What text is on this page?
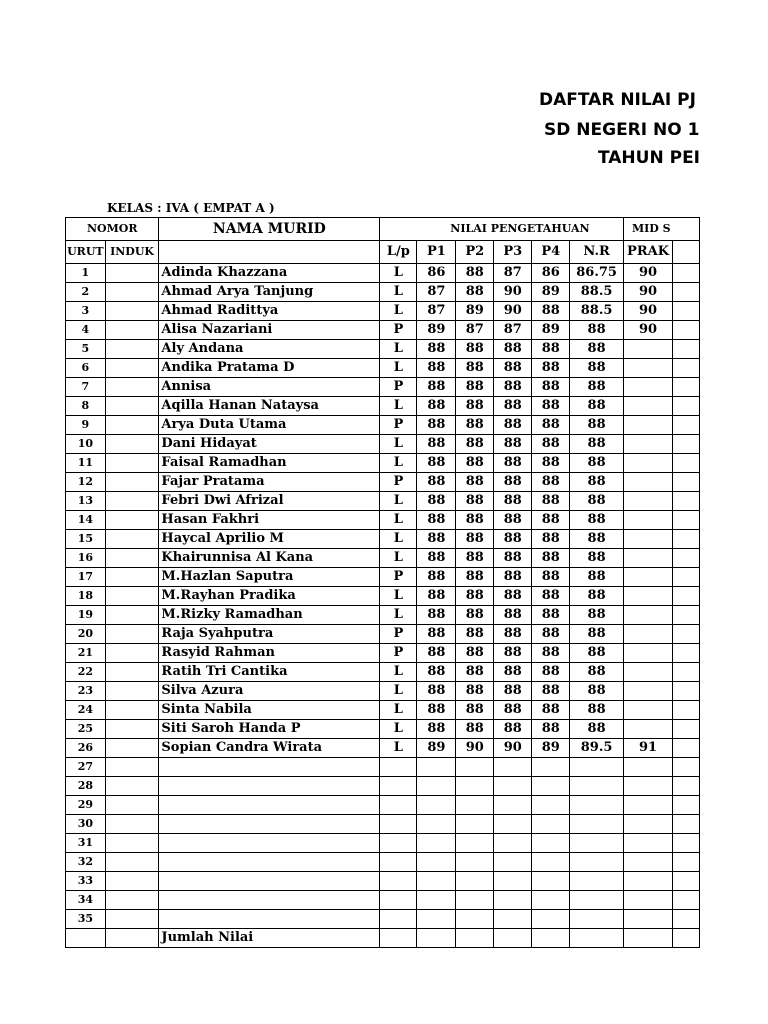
DAFTAR NILAI PJ
SD NEGERI NO 1
TAHUN PEI
KELAS : IVA ( EMPAT A )
NOMOR		NAMA MURID		NILAI PENGETAHUAN					MID S	
URUT	INDUK		L/p	P1	P2	P3	P4	N.R	PRAK	
1		Adinda Khazzana	L	86	88	87	86	86.75	90	
2		Ahmad Arya Tanjung	L	87	88	90	89	88.5	90	
3		Ahmad Radittya	L	87	89	90	88	88.5	90	
4		Alisa Nazariani	P	89	87	87	89	88	90	
5		Aly Andana	L	88	88	88	88	88		
6		Andika Pratama D	L	88	88	88	88	88		
7		Annisa	P	88	88	88	88	88		
8		Aqilla Hanan Nataysa	L	88	88	88	88	88		
9		Arya Duta Utama	P	88	88	88	88	88		
10		Dani Hidayat	L	88	88	88	88	88		
11		Faisal Ramadhan	L	88	88	88	88	88		
12		Fajar Pratama	P	88	88	88	88	88		
13		Febri Dwi Afrizal	L	88	88	88	88	88		
14		Hasan Fakhri	L	88	88	88	88	88		
15		Haycal Aprilio M	L	88	88	88	88	88		
16		Khairunnisa Al Kana	L	88	88	88	88	88		
17		M.Hazlan Saputra	P	88	88	88	88	88		
18		M.Rayhan Pradika	L	88	88	88	88	88		
19		M.Rizky Ramadhan	L	88	88	88	88	88		
20		Raja Syahputra	P	88	88	88	88	88		
21		Rasyid Rahman	P	88	88	88	88	88		
22		Ratih Tri Cantika	L	88	88	88	88	88		
23		Silva Azura	L	88	88	88	88	88		
24		Sinta Nabila	L	88	88	88	88	88		
25		Siti Saroh Handa P	L	88	88	88	88	88		
26		Sopian Candra Wirata	L	89	90	90	89	89.5	91	
27										
28										
29										
30										
31										
32										
33										
34										
35										
		Jumlah Nilai								
